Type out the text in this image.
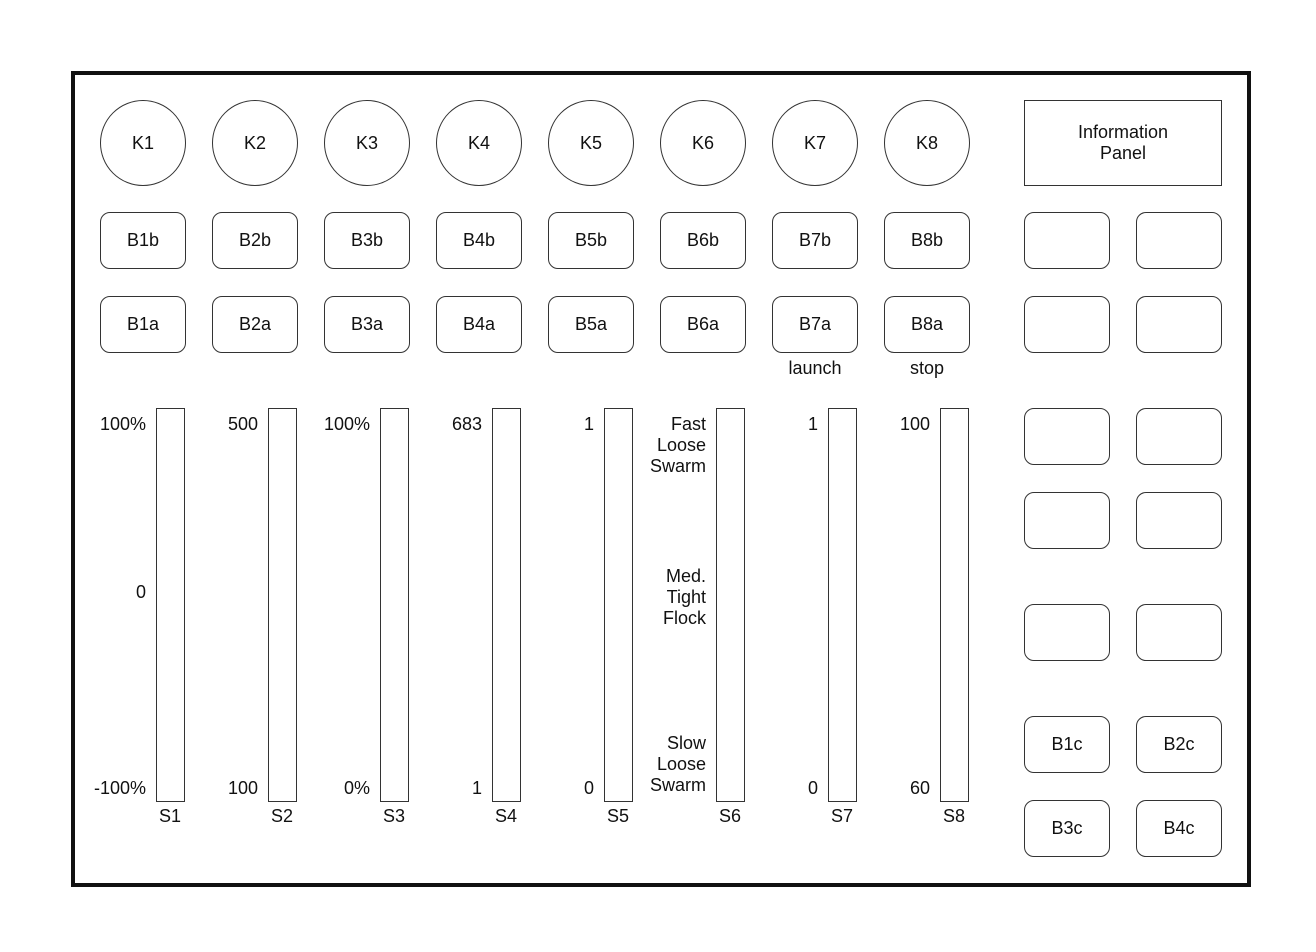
K1	K2	K3	K4	K5	K6	K7	K8
Information
Panel
B1b	B2b	B3b	B4b	B5b	B6b	B7b	B8b
B1a	B2a	B3a	B4a	B5a	B6a	B7a	B8a
launch	stop
B1c	B2c
B3c	B4c
S1	S2	S3	S4	S5	S6	S7	S8
100%
0
-100%
500
100
100%
0%
683
1
1
0
Fast
Loose
Swarm
Med.
Tight
Flock
Slow
Loose
Swarm
1
0
100
60
